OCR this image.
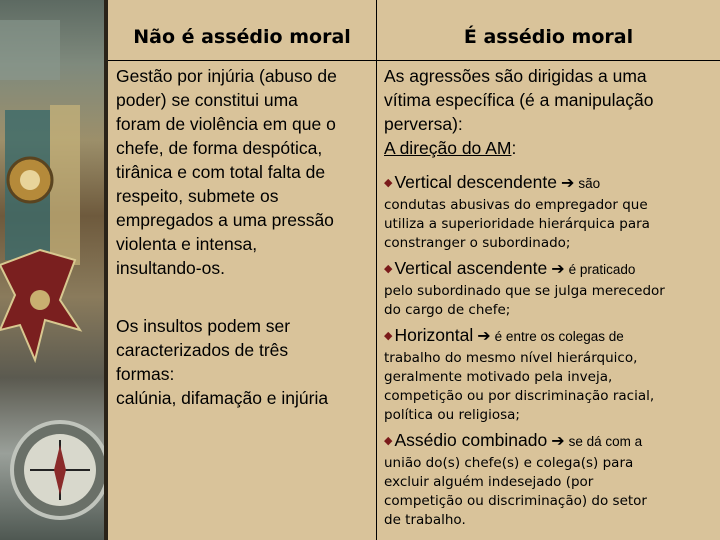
Não é assédio moral	É assédio moral

Gestão por injúria (abuso de

poder) se constitui uma

foram de violência em que o

chefe, de forma despótica,

tirânica e com total falta de

respeito, submete os

empregados a uma pressão

violenta e intensa,

insultando-os.

Os insultos podem ser

caracterizados de três

formas:

calúnia, difamação e injúria

As agressões são dirigidas a uma
vítima específica (é a manipulação
perversa):
A direção do AM:
◆ Vertical descendente ➔ são
condutas abusivas do empregador que
utiliza a superioridade hierárquica para
constranger o subordinado;
◆ Vertical ascendente ➔ é praticado
pelo subordinado que se julga merecedor
do cargo de chefe;
◆ Horizontal ➔ é entre os colegas de
trabalho do mesmo nível hierárquico,
geralmente motivado pela inveja,
competição ou por discriminação racial,
política ou religiosa;
◆ Assédio combinado ➔ se dá com a
união do(s) chefe(s) e colega(s) para
excluir alguém indesejado (por
competição ou discriminação) do setor
de trabalho.
